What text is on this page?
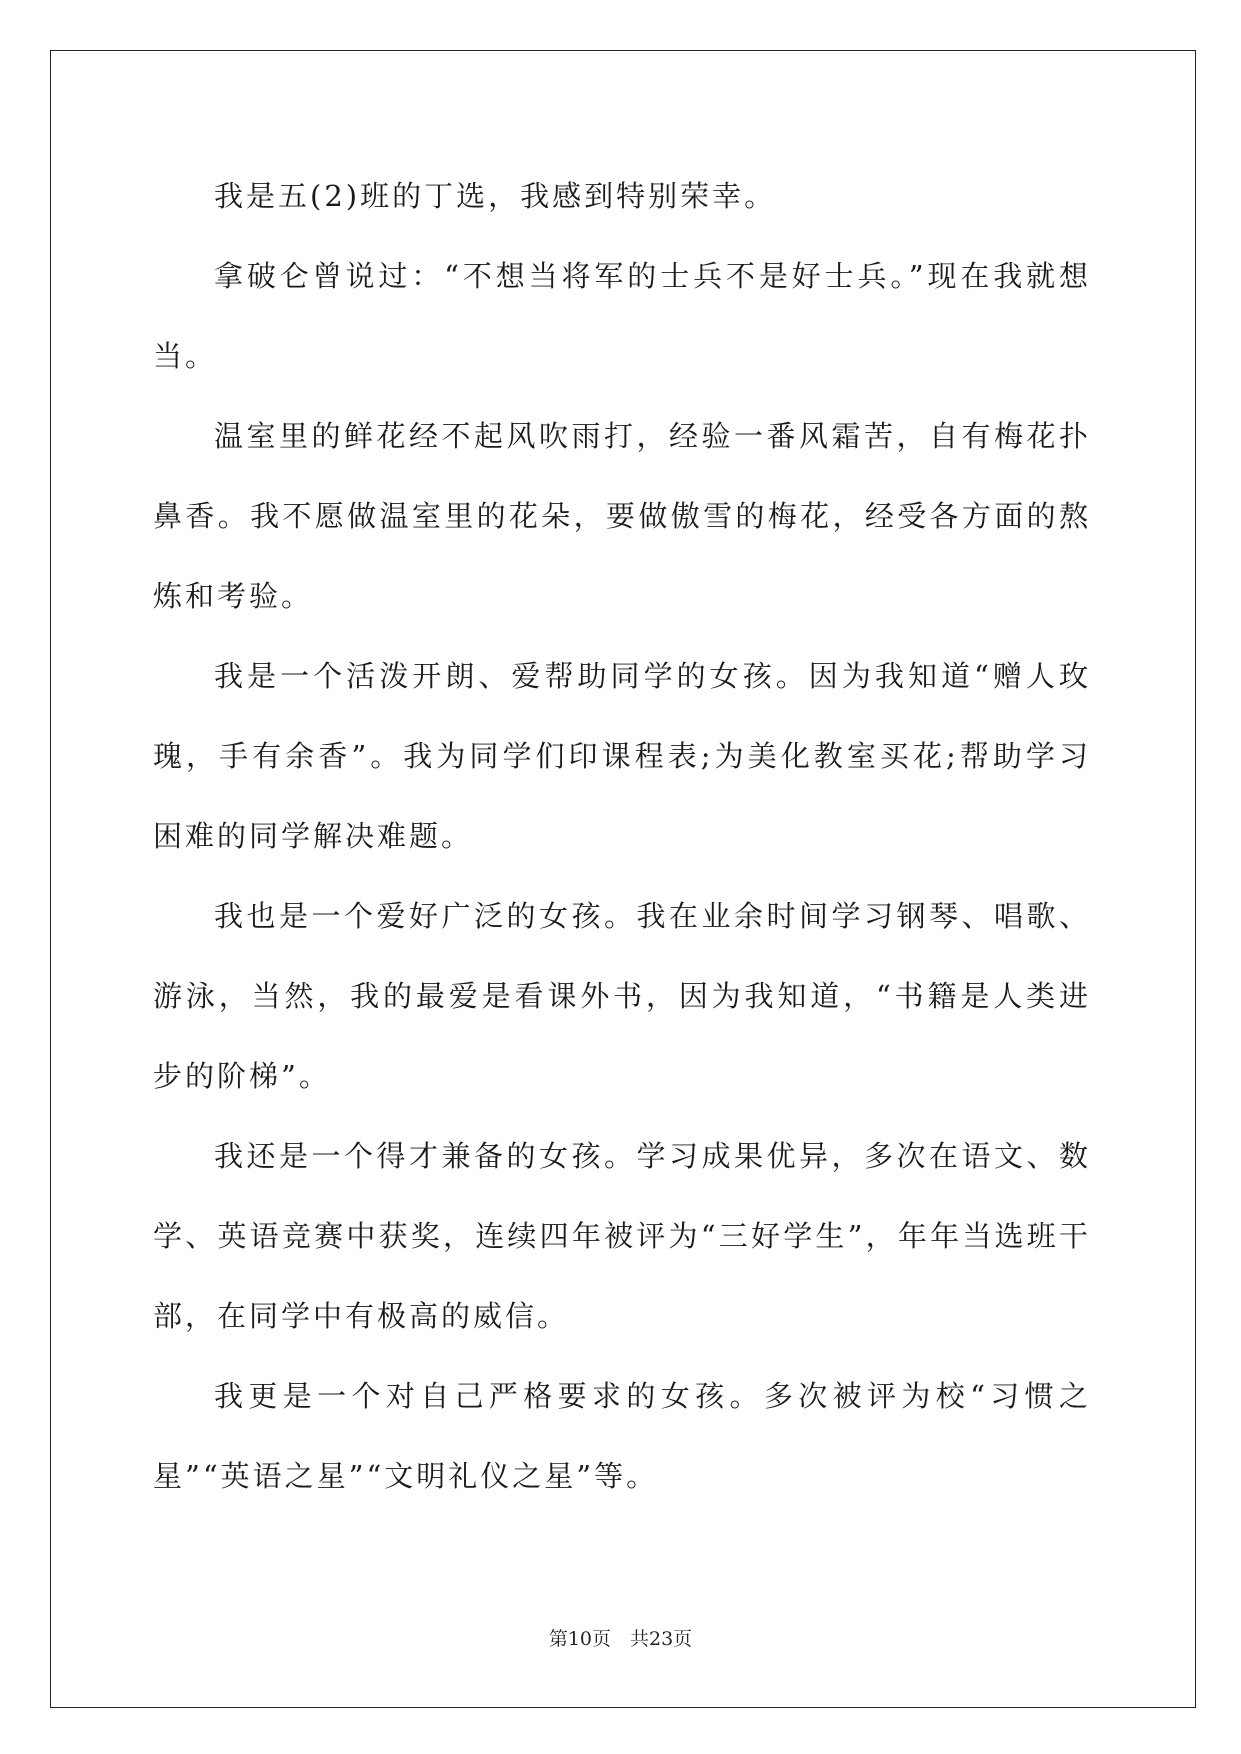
我是五(2)班的丁选，我感到特别荣幸。

拿破仑曾说过：“不想当将军的士兵不是好士兵。”现在我就想当。

温室里的鲜花经不起风吹雨打，经验一番风霜苦，自有梅花扑鼻香。我不愿做温室里的花朵，要做傲雪的梅花，经受各方面的熬炼和考验。

我是一个活泼开朗、爱帮助同学的女孩。因为我知道“赠人玫瑰，手有余香”。我为同学们印课程表;为美化教室买花;帮助学习困难的同学解决难题。

我也是一个爱好广泛的女孩。我在业余时间学习钢琴、唱歌、游泳，当然，我的最爱是看课外书，因为我知道，“书籍是人类进步的阶梯”。

我还是一个得才兼备的女孩。学习成果优异，多次在语文、数学、英语竞赛中获奖，连续四年被评为“三好学生”，年年当选班干部，在同学中有极高的威信。

我更是一个对自己严格要求的女孩。多次被评为校“习惯之星”“英语之星”“文明礼仪之星”等。

第10页　共23页
